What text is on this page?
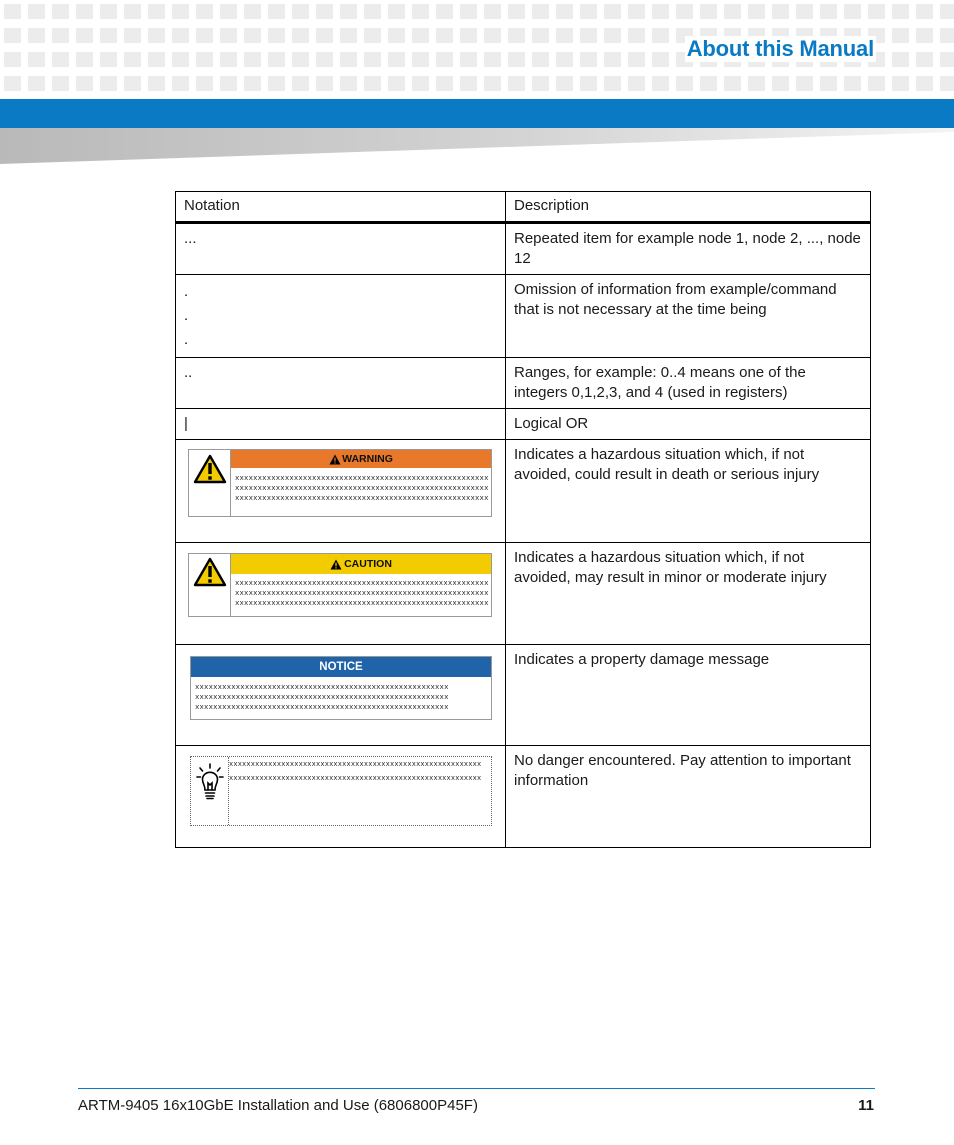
About this Manual
Notation	Description
...	Repeated item for example node 1, node 2, ..., node 12

.
.
.	Omission of information from example/command that is not necessary at the time being
..	Ranges, for example: 0..4 means one of the integers 0,1,2,3, and 4 (used in registers)
|	Logical OR

WARNING
xxxxxxxxxxxxxxxxxxxxxxxxxxxxxxxxxxxxxxxxxxxxxxxxxxxxxxxx
xxxxxxxxxxxxxxxxxxxxxxxxxxxxxxxxxxxxxxxxxxxxxxxxxxxxxxxx
xxxxxxxxxxxxxxxxxxxxxxxxxxxxxxxxxxxxxxxxxxxxxxxxxxxxxxxx	Indicates a hazardous situation which, if not avoided, could result in death or serious injury

CAUTION
xxxxxxxxxxxxxxxxxxxxxxxxxxxxxxxxxxxxxxxxxxxxxxxxxxxxxxxx
xxxxxxxxxxxxxxxxxxxxxxxxxxxxxxxxxxxxxxxxxxxxxxxxxxxxxxxx
xxxxxxxxxxxxxxxxxxxxxxxxxxxxxxxxxxxxxxxxxxxxxxxxxxxxxxxx	Indicates a hazardous situation which, if not avoided, may result in minor or moderate injury

NOTICE
xxxxxxxxxxxxxxxxxxxxxxxxxxxxxxxxxxxxxxxxxxxxxxxxxxxxxxxx
xxxxxxxxxxxxxxxxxxxxxxxxxxxxxxxxxxxxxxxxxxxxxxxxxxxxxxxx
xxxxxxxxxxxxxxxxxxxxxxxxxxxxxxxxxxxxxxxxxxxxxxxxxxxxxxxx	Indicates a property damage message

xxxxxxxxxxxxxxxxxxxxxxxxxxxxxxxxxxxxxxxxxxxxxxxxxxxxxxxxxx
xxxxxxxxxxxxxxxxxxxxxxxxxxxxxxxxxxxxxxxxxxxxxxxxxxxxxxxxxx	No danger encountered. Pay attention to important information
ARTM-9405 16x10GbE Installation and Use (6806800P45F)	11
